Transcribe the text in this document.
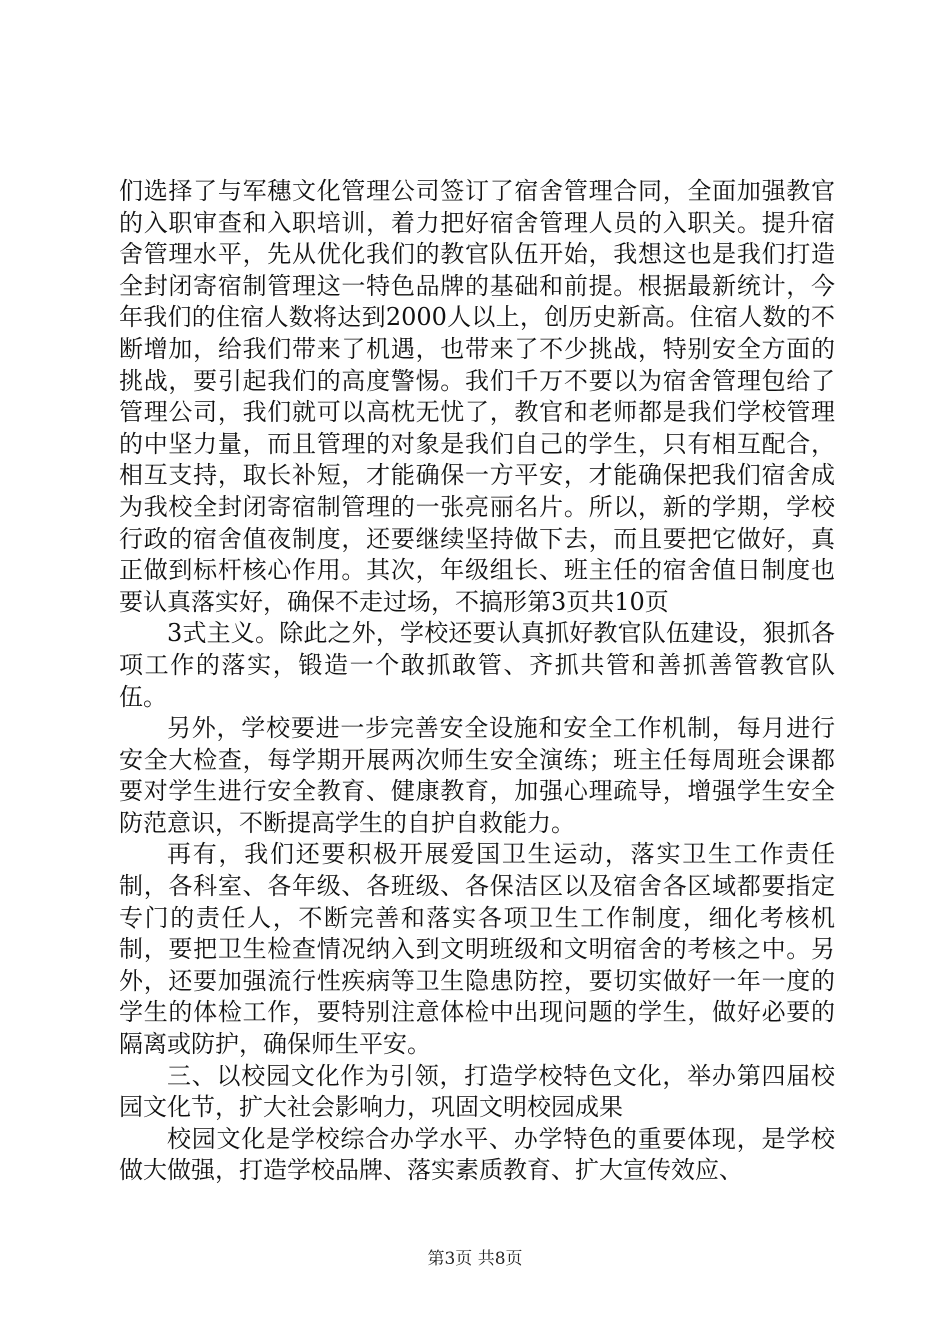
们选择了与军穗文化管理公司签订了宿舍管理合同，全面加强教官的入职审查和入职培训，着力把好宿舍管理人员的入职关。提升宿舍管理水平，先从优化我们的教官队伍开始，我想这也是我们打造全封闭寄宿制管理这一特色品牌的基础和前提。根据最新统计，今年我们的住宿人数将达到2000人以上，创历史新高。住宿人数的不断增加，给我们带来了机遇，也带来了不少挑战，特别安全方面的挑战，要引起我们的高度警惕。我们千万不要以为宿舍管理包给了管理公司，我们就可以高枕无忧了，教官和老师都是我们学校管理的中坚力量，而且管理的对象是我们自己的学生，只有相互配合，相互支持，取长补短，才能确保一方平安，才能确保把我们宿舍成为我校全封闭寄宿制管理的一张亮丽名片。所以，新的学期，学校行政的宿舍值夜制度，还要继续坚持做下去，而且要把它做好，真正做到标杆核心作用。其次，年级组长、班主任的宿舍值日制度也要认真落实好，确保不走过场，不搞形第3页共10页

3式主义。除此之外，学校还要认真抓好教官队伍建设，狠抓各项工作的落实，锻造一个敢抓敢管、齐抓共管和善抓善管教官队伍。

另外，学校要进一步完善安全设施和安全工作机制，每月进行安全大检查，每学期开展两次师生安全演练；班主任每周班会课都要对学生进行安全教育、健康教育，加强心理疏导，增强学生安全防范意识，不断提高学生的自护自救能力。

再有，我们还要积极开展爱国卫生运动，落实卫生工作责任制，各科室、各年级、各班级、各保洁区以及宿舍各区域都要指定专门的责任人，不断完善和落实各项卫生工作制度，细化考核机制，要把卫生检查情况纳入到文明班级和文明宿舍的考核之中。另外，还要加强流行性疾病等卫生隐患防控，要切实做好一年一度的学生的体检工作，要特别注意体检中出现问题的学生，做好必要的隔离或防护，确保师生平安。

三、以校园文化作为引领，打造学校特色文化，举办第四届校园文化节，扩大社会影响力，巩固文明校园成果

校园文化是学校综合办学水平、办学特色的重要体现，是学校做大做强，打造学校品牌、落实素质教育、扩大宣传效应、

第3页 共8页
